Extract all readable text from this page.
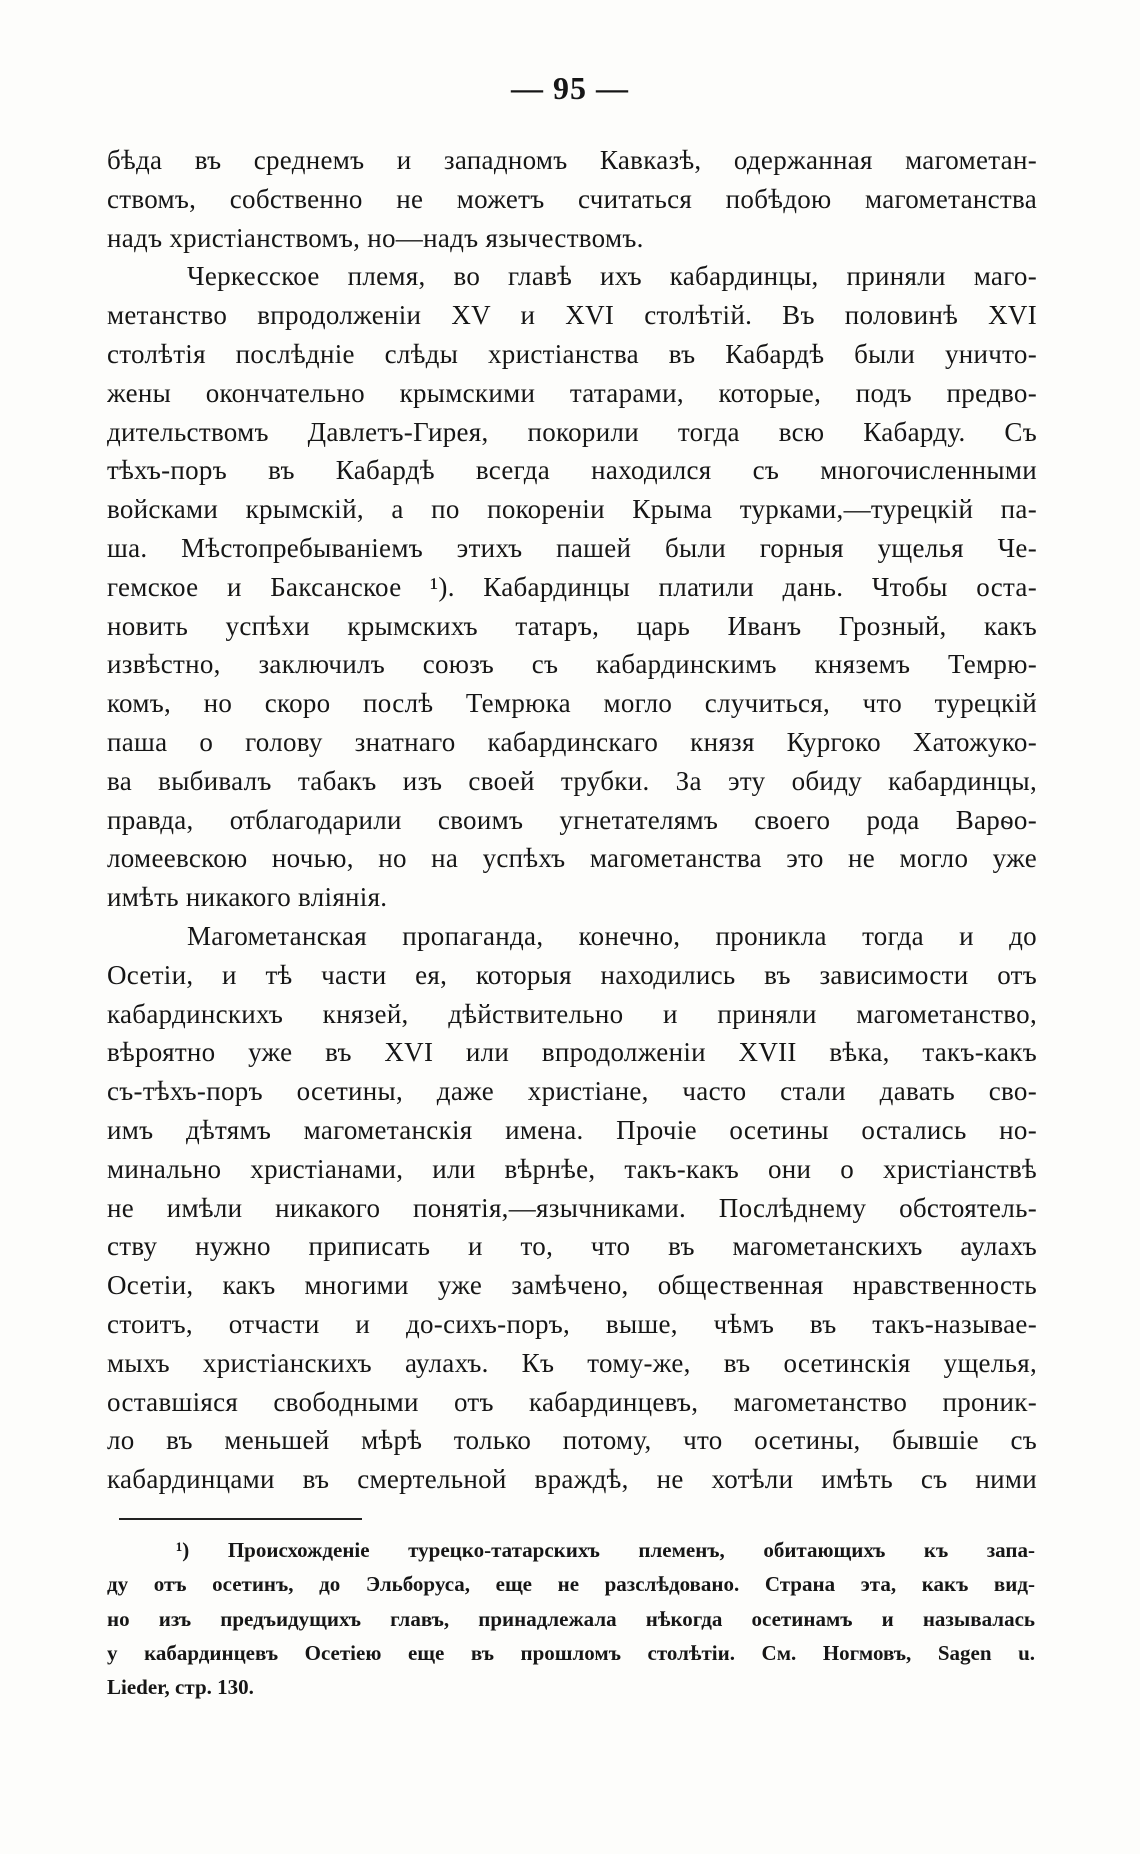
— 95 —
бѣда въ среднемъ и западномъ Кавказѣ, одержанная магометан-
ствомъ, собственно не можетъ считаться побѣдою магометанства
надъ христіанствомъ, но—надъ язычествомъ.
Черкесское племя, во главѣ ихъ кабардинцы, приняли маго-
метанство впродолженіи XV и XVI столѣтій. Въ половинѣ XVI
столѣтія послѣдніе слѣды христіанства въ Кабардѣ были уничто-
жены окончательно крымскими татарами, которые, подъ предво-
дительствомъ Давлетъ-Гирея, покорили тогда всю Кабарду. Съ
тѣхъ-поръ въ Кабардѣ всегда находился съ многочисленными
войсками крымскій, а по покореніи Крыма турками,—турецкій па-
ша. Мѣстопребываніемъ этихъ пашей были горныя ущелья Че-
гемское и Баксанское ¹). Кабардинцы платили дань. Чтобы оста-
новить успѣхи крымскихъ татаръ, царь Иванъ Грозный, какъ
извѣстно, заключилъ союзъ съ кабардинскимъ княземъ Темрю-
комъ, но скоро послѣ Темрюка могло случиться, что турецкій
паша о голову знатнаго кабардинскаго князя Кургоко Хатожуко-
ва выбивалъ табакъ изъ своей трубки. За эту обиду кабардинцы,
правда, отблагодарили своимъ угнетателямъ своего рода Варѳо-
ломеевскою ночью, но на успѣхъ магометанства это не могло уже
имѣть никакого вліянія.
Магометанская пропаганда, конечно, проникла тогда и до
Осетіи, и тѣ части ея, которыя находились въ зависимости отъ
кабардинскихъ князей, дѣйствительно и приняли магометанство,
вѣроятно уже въ XVI или впродолженіи XVII вѣка, такъ-какъ
съ-тѣхъ-поръ осетины, даже христіане, часто стали давать сво-
имъ дѣтямъ магометанскія имена. Прочіе осетины остались но-
минально христіанами, или вѣрнѣе, такъ-какъ они о христіанствѣ
не имѣли никакого понятія,—язычниками. Послѣднему обстоятель-
ству нужно приписать и то, что въ магометанскихъ аулахъ
Осетіи, какъ многими уже замѣчено, общественная нравственность
стоитъ, отчасти и до-сихъ-поръ, выше, чѣмъ въ такъ-называе-
мыхъ христіанскихъ аулахъ. Къ тому-же, въ осетинскія ущелья,
оставшіяся свободными отъ кабардинцевъ, магометанство проник-
ло въ меньшей мѣрѣ только потому, что осетины, бывшіе съ
кабардинцами въ смертельной враждѣ, не хотѣли имѣть съ ними
¹) Происхожденіе турецко-татарскихъ племенъ, обитающихъ къ запа-
ду отъ осетинъ, до Эльборуса, еще не разслѣдовано. Страна эта, какъ вид-
но изъ предъидущихъ главъ, принадлежала нѣкогда осетинамъ и называлась
у кабардинцевъ Осетіею еще въ прошломъ столѣтіи. См. Ногмовъ, Sagen u.
Lieder, стр. 130.
